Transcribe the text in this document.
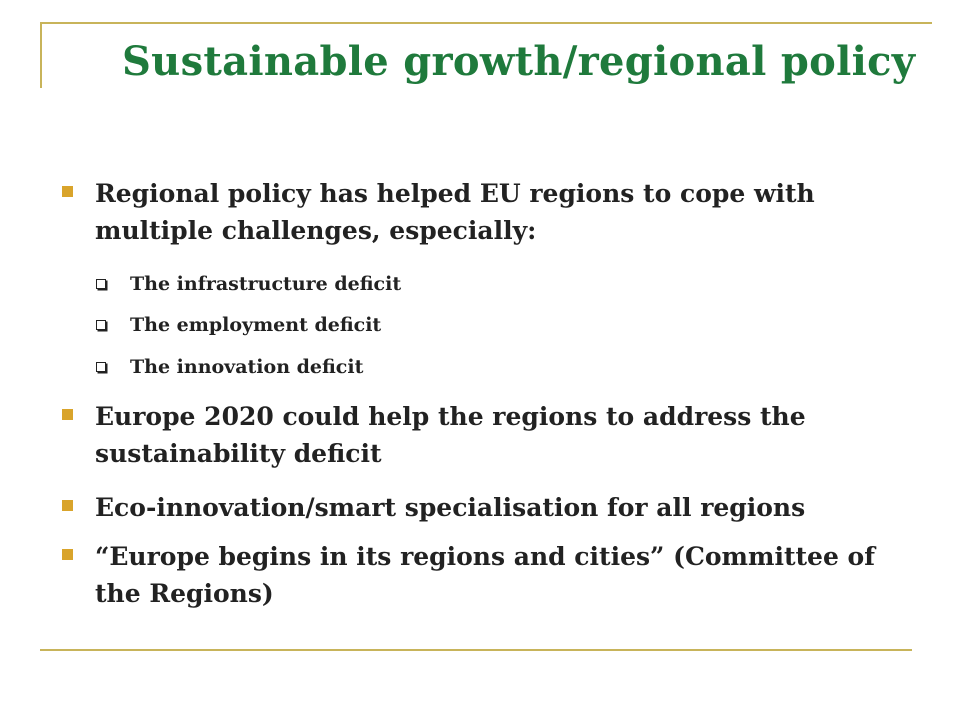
Sustainable growth/regional policy
Regional policy has helped EU regions to cope with multiple challenges, especially:
The infrastructure deficit
The employment deficit
The innovation deficit
Europe 2020 could help the regions to address the sustainability deficit
Eco-innovation/smart specialisation for all regions
“Europe begins in its regions and cities” (Committee of the Regions)
